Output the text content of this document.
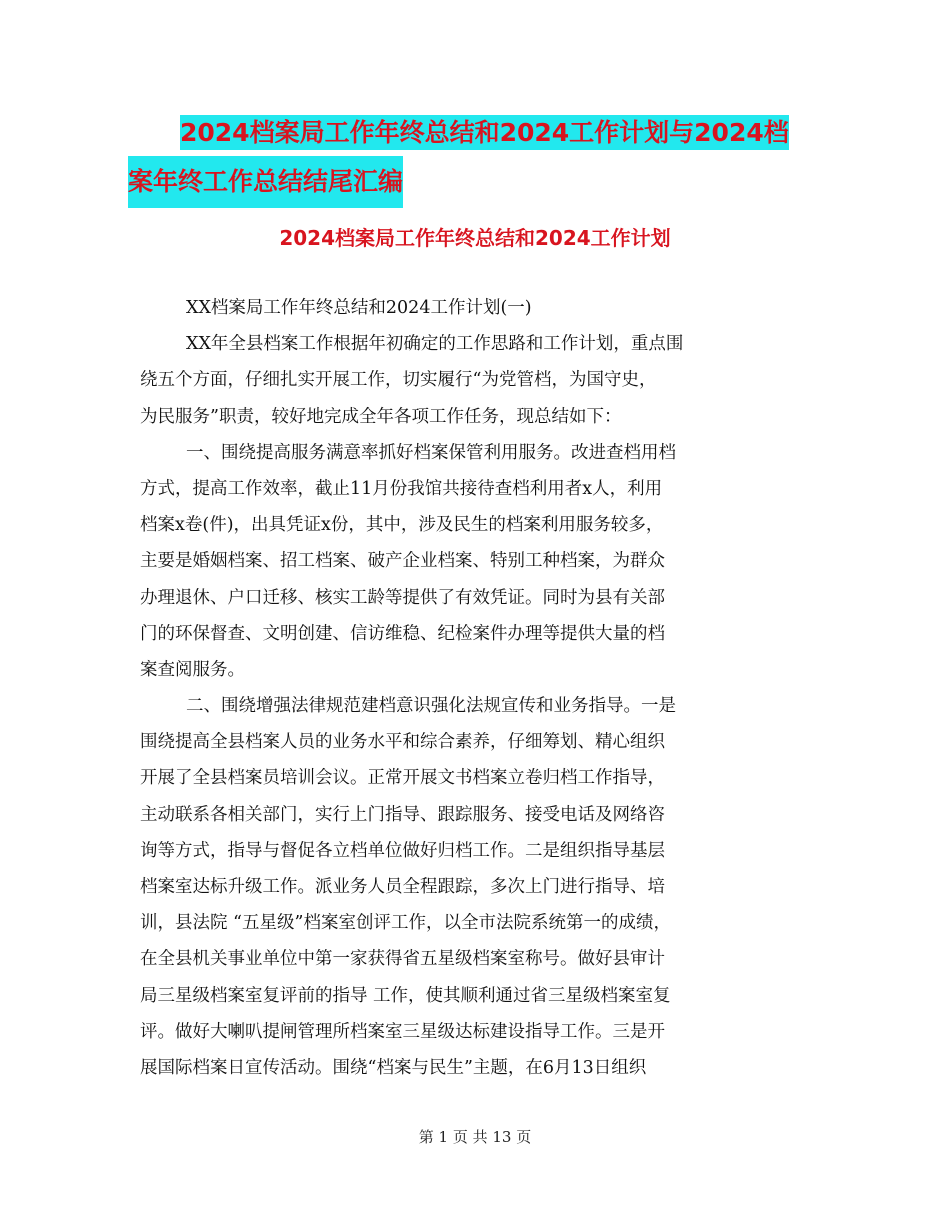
2024档案局工作年终总结和2024工作计划与2024档
案年终工作总结结尾汇编
2024档案局工作年终总结和2024工作计划
XX档案局工作年终总结和2024工作计划(一)
XX年全县档案工作根据年初确定的工作思路和工作计划，重点围
绕五个方面，仔细扎实开展工作，切实履行“为党管档，为国守史，
为民服务”职责，较好地完成全年各项工作任务，现总结如下：
一、围绕提高服务满意率抓好档案保管利用服务。改进查档用档
方式，提高工作效率，截止11月份我馆共接待查档利用者x人，利用
档案x卷(件)，出具凭证x份，其中，涉及民生的档案利用服务较多，
主要是婚姻档案、招工档案、破产企业档案、特别工种档案，为群众
办理退休、户口迁移、核实工龄等提供了有效凭证。同时为县有关部
门的环保督查、文明创建、信访维稳、纪检案件办理等提供大量的档
案查阅服务。
二、围绕增强法律规范建档意识强化法规宣传和业务指导。一是
围绕提高全县档案人员的业务水平和综合素养，仔细筹划、精心组织
开展了全县档案员培训会议。正常开展文书档案立卷归档工作指导，
主动联系各相关部门，实行上门指导、跟踪服务、接受电话及网络咨
询等方式，指导与督促各立档单位做好归档工作。二是组织指导基层
档案室达标升级工作。派业务人员全程跟踪，多次上门进行指导、培
训，县法院 “五星级”档案室创评工作，以全市法院系统第一的成绩，
在全县机关事业单位中第一家获得省五星级档案室称号。做好县审计
局三星级档案室复评前的指导 工作，使其顺利通过省三星级档案室复
评。做好大喇叭提闸管理所档案室三星级达标建设指导工作。三是开
展国际档案日宣传活动。围绕“档案与民生”主题，在6月13日组织
第 1 页 共 13 页
